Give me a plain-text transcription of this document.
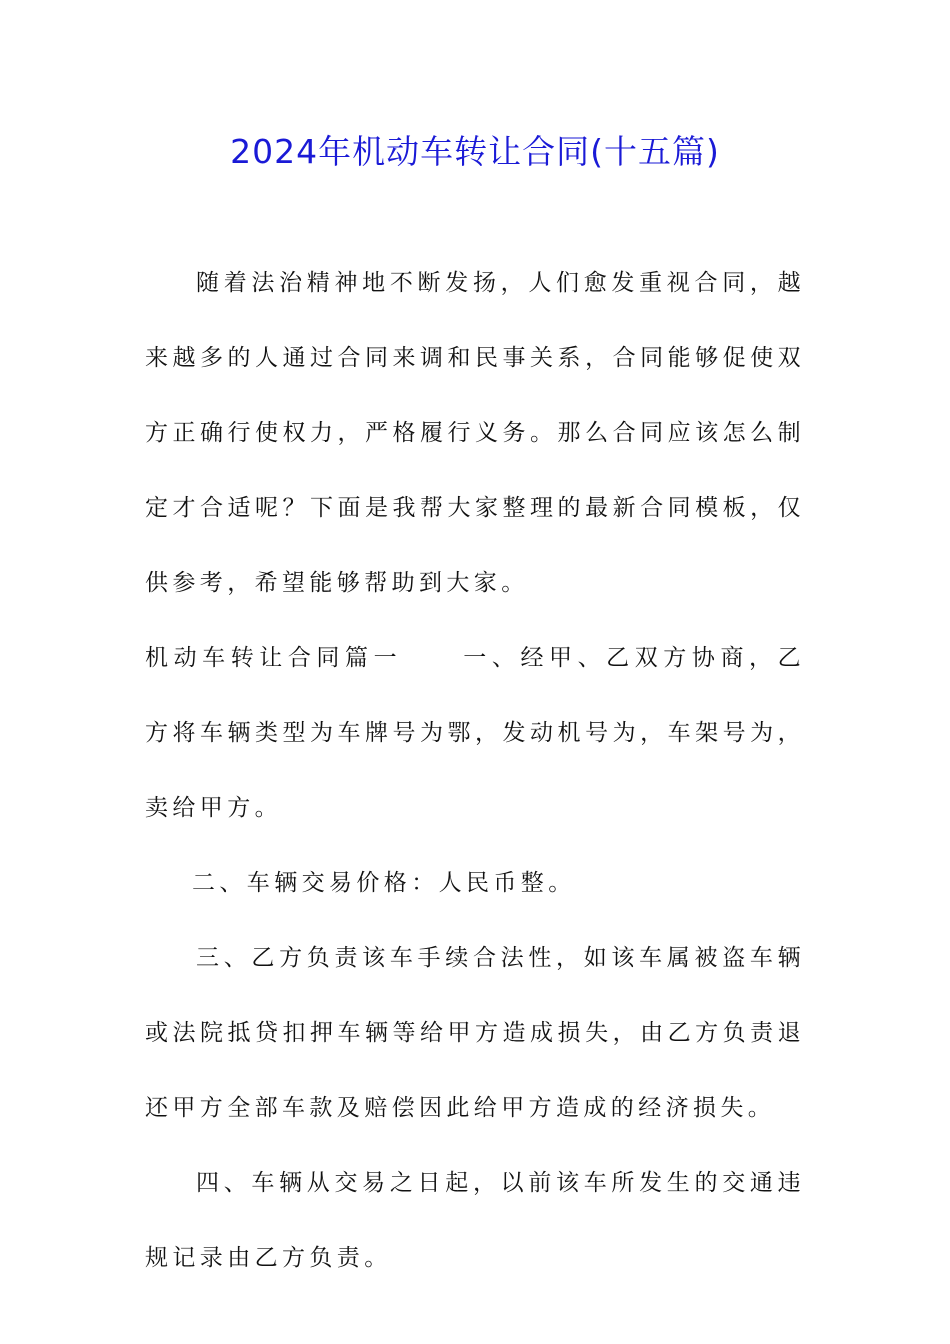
2024年机动车转让合同(十五篇)

随着法治精神地不断发扬，人们愈发重视合同，越来越多的人通过合同来调和民事关系，合同能够促使双方正确行使权力，严格履行义务。那么合同应该怎么制定才合适呢？下面是我帮大家整理的最新合同模板，仅供参考，希望能够帮助到大家。

机动车转让合同篇一	一、经甲、乙双方协商，乙方将车辆类型为车牌号为鄂，发动机号为，车架号为，卖给甲方。

二、车辆交易价格：人民币整。

三、乙方负责该车手续合法性，如该车属被盗车辆或法院抵贷扣押车辆等给甲方造成损失，由乙方负责退还甲方全部车款及赔偿因此给甲方造成的经济损失。

四、车辆从交易之日起，以前该车所发生的交通违规记录由乙方负责。
